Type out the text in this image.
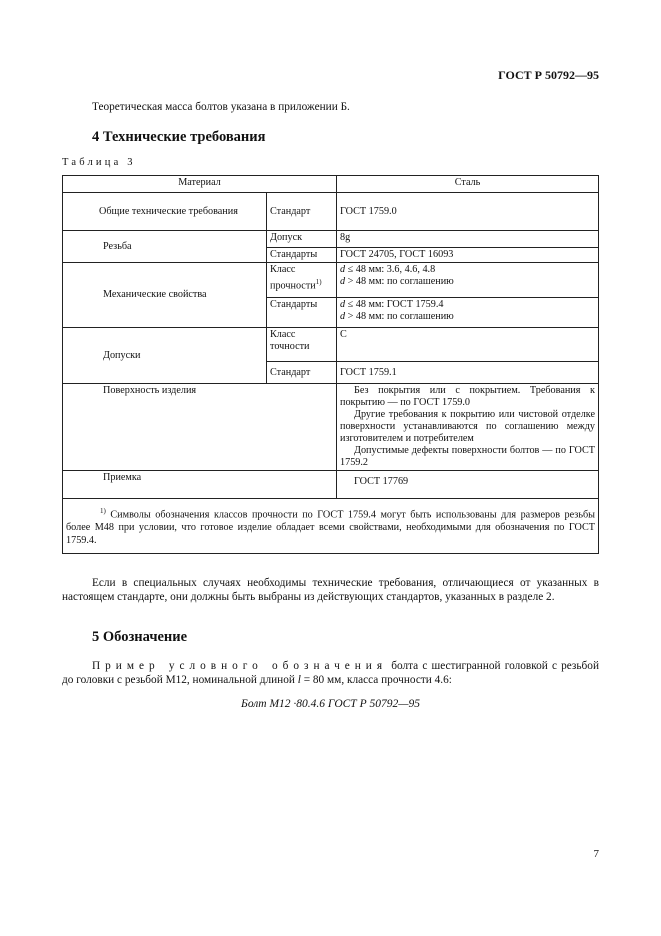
ГОСТ Р 50792—95
Теоретическая масса болтов указана в приложении Б.
4 Технические требования
Таблица 3
Материал		Сталь
Общие технические требования	Стандарт	ГОСТ 1759.0
Резьба	Допуск	8g
	Стандарты	ГОСТ 24705, ГОСТ 16093
Механические свойства	Класс прочности$^{1)}$	d ≤ 48 мм: 3.6, 4.6, 4.8
d > 48 мм: по соглашению

	Стандарты	d ≤ 48 мм: ГОСТ 1759.4
d > 48 мм: по соглашению

Допуски	Класс точности	С
	Стандарт	ГОСТ 1759.1
Поверхность изделия		Без покрытия или с покрытием. Требования к покрытию — по ГОСТ 1759.0
Другие требования к покрытию или чистовой отделке поверхности устанавливаются по соглашению между изготовителем и потребителем
Допустимые дефекты поверхности болтов — по ГОСТ 1759.2

Приемка		ГОСТ 17769
$^{1)}$ Символы обозначения классов прочности по ГОСТ 1759.4 могут быть использованы для размеров резьбы более М48 при условии, что готовое изделие обладает всеми свойствами, необходимыми для обозначения по ГОСТ 1759.4.		
Если в специальных случаях необходимы технические требования, отличающиеся от указанных в настоящем стандарте, они должны быть выбраны из действующих стандартов, указанных в разделе 2.
5 Обозначение
Пример условного обозначения болта с шестигранной головкой с резьбой до головки с резьбой М12, номинальной длиной l = 80 мм, класса прочности 4.6:
Болт М12 ·80.4.6 ГОСТ Р 50792—95
7
